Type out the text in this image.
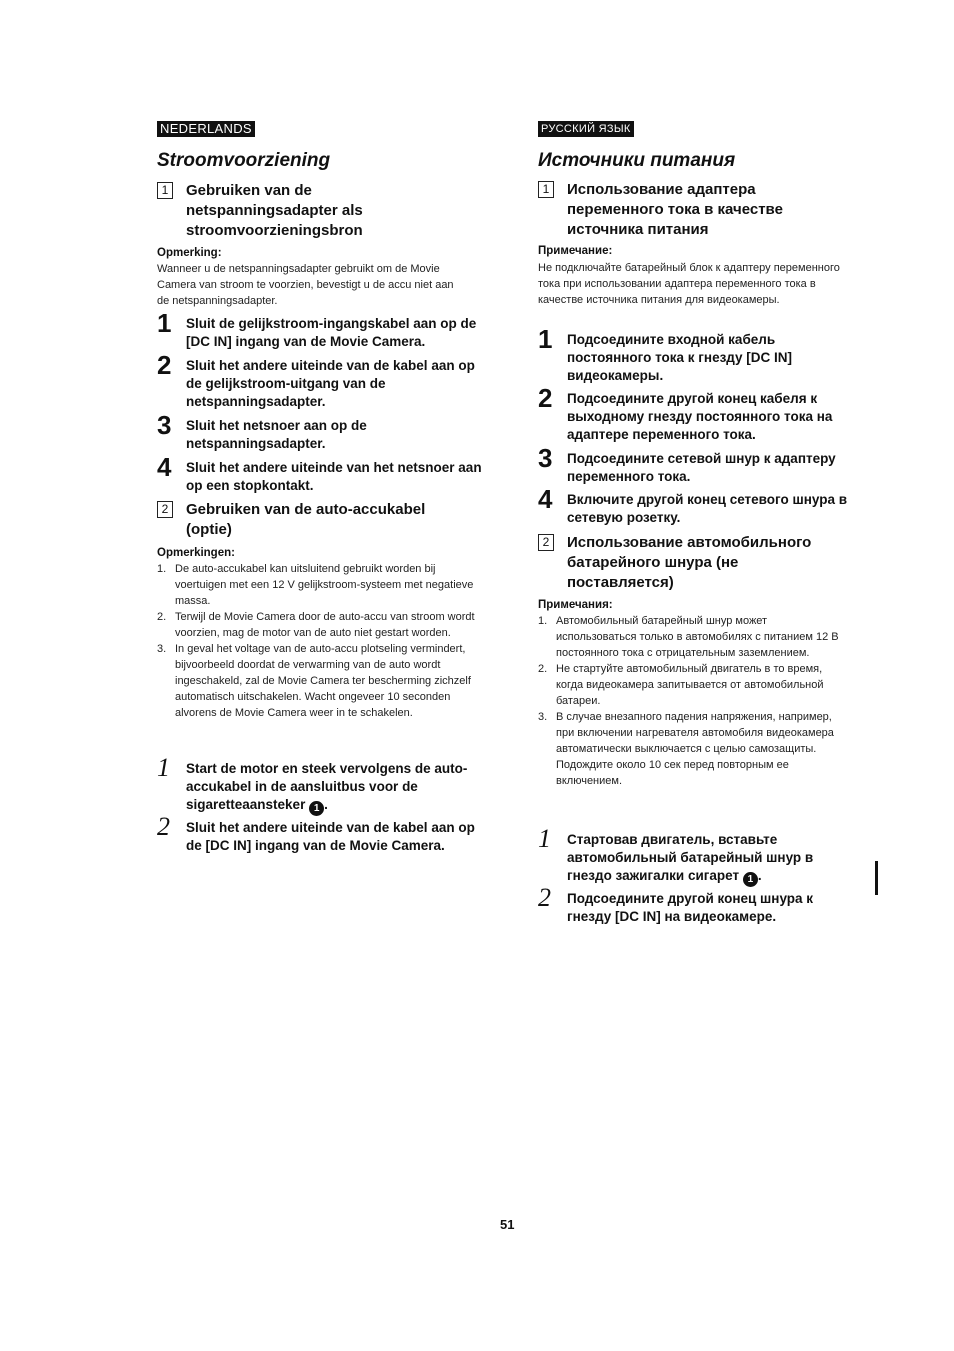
NEDERLANDS
Stroomvoorziening
1	Gebruiken van de netspanningsadapter als stroomvoorzieningsbron

Opmerking:

Wanneer u de netspanningsadapter gebruikt om de Movie Camera van stroom te voorzien, bevestigt u de accu niet aan de netspanningsadapter.

1 Sluit de gelijkstroom-ingangskabel aan op de [DC IN] ingang van de Movie Camera.

2 Sluit het andere uiteinde van de kabel aan op de gelijkstroom-uitgang van de netspanningsadapter.

3 Sluit het netsnoer aan op de netspanningsadapter.

4 Sluit het andere uiteinde van het netsnoer aan op een stopkontakt.

2	Gebruiken van de auto-accukabel (optie)

Opmerkingen:
1. De auto-accukabel kan uitsluitend gebruikt worden bij voertuigen met een 12 V gelijkstroom-systeem met negatieve massa.
2. Terwijl de Movie Camera door de auto-accu van stroom wordt voorzien, mag de motor van de auto niet gestart worden.
3. In geval het voltage van de auto-accu plotseling vermindert, bijvoorbeeld doordat de verwarming van de auto wordt ingeschakeld, zal de Movie Camera ter bescherming zichzelf automatisch uitschakelen. Wacht ongeveer 10 seconden alvorens de Movie Camera weer in te schakelen.
1 Start de motor en steek vervolgens de auto-accukabel in de aansluitbus voor de sigaretteaansteker 1 .

2 Sluit het andere uiteinde van de kabel aan op de [DC IN] ingang van de Movie Camera.

РУССКИЙ ЯЗЫК
Источники питания
1	Использование адаптера переменного тока в качестве источника питания

Примечание:

Не подключайте батарейный блок к адаптеру переменного тока при использовании адаптера переменного тока в качестве источника питания для видеокамеры.

1 Подсоедините входной кабель постоянного тока к гнезду [DC IN] видеокамеры.

2 Подсоедините другой конец кабеля к выходному гнезду постоянного тока на адаптере переменного тока.

3 Подсоедините сетевой шнур к адаптеру переменного тока.

4 Включите другой конец сетевого шнура в сетевую розетку.

2	Использование автомобильного батарейного шнура (не поставляется)

Примечания:
1. Автомобильный батарейный шнур может использоваться только в автомобилях с питанием 12 В постоянного тока с отрицательным заземлением.
2. Не стартуйте автомобильный двигатель в то время, когда видеокамера запитывается от автомобильной батареи.
3. В случае внезапного падения напряжения, например, при включении нагревателя автомобиля видеокамера автоматически выключается с целью самозащиты. Подождите около 10 сек перед повторным ее включением.
1 Стартовав двигатель, вставьте автомобильный батарейный шнур в гнездо зажигалки сигарет 1 .

2 Подсоедините другой конец шнура к гнезду [DC IN] на видеокамере.

51
